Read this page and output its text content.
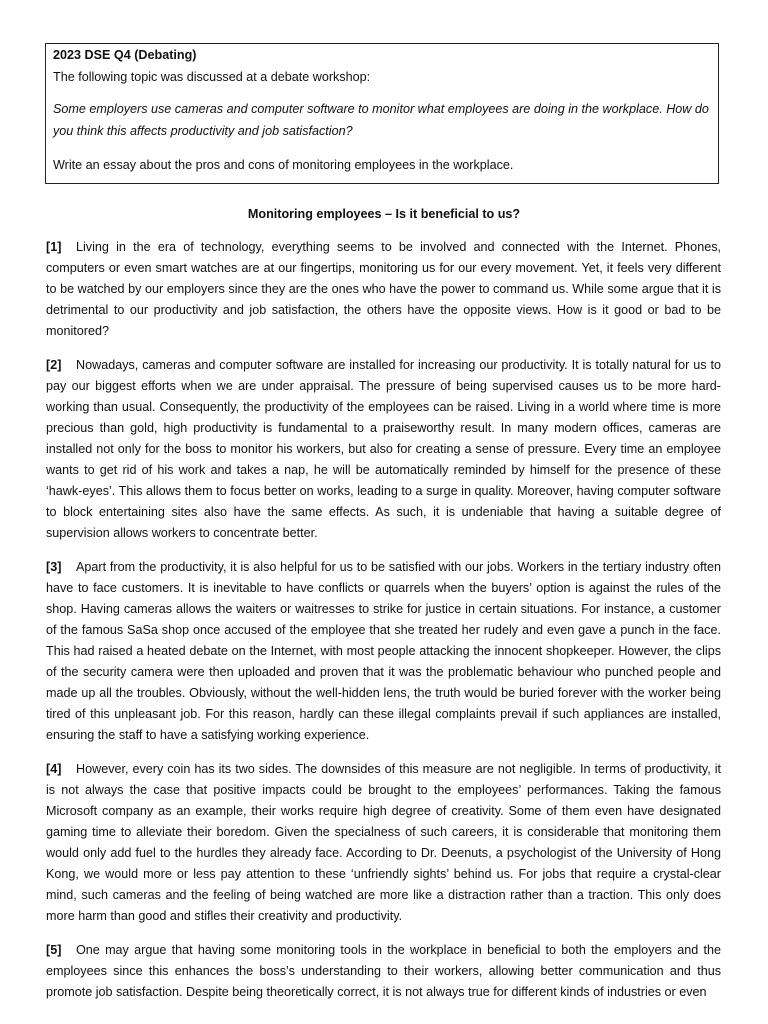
2023 DSE Q4 (Debating)

The following topic was discussed at a debate workshop:

Some employers use cameras and computer software to monitor what employees are doing in the workplace. How do you think this affects productivity and job satisfaction?

Write an essay about the pros and cons of monitoring employees in the workplace.

Monitoring employees – Is it beneficial to us?

[1] Living in the era of technology, everything seems to be involved and connected with the Internet. Phones, computers or even smart watches are at our fingertips, monitoring us for our every movement. Yet, it feels very different to be watched by our employers since they are the ones who have the power to command us. While some argue that it is detrimental to our productivity and job satisfaction, the others have the opposite views. How is it good or bad to be monitored?

[2] Nowadays, cameras and computer software are installed for increasing our productivity. It is totally natural for us to pay our biggest efforts when we are under appraisal. The pressure of being supervised causes us to be more hard-working than usual. Consequently, the productivity of the employees can be raised. Living in a world where time is more precious than gold, high productivity is fundamental to a praiseworthy result. In many modern offices, cameras are installed not only for the boss to monitor his workers, but also for creating a sense of pressure. Every time an employee wants to get rid of his work and takes a nap, he will be automatically reminded by himself for the presence of these ‘hawk-eyes’. This allows them to focus better on works, leading to a surge in quality. Moreover, having computer software to block entertaining sites also have the same effects. As such, it is undeniable that having a suitable degree of supervision allows workers to concentrate better.

[3] Apart from the productivity, it is also helpful for us to be satisfied with our jobs. Workers in the tertiary industry often have to face customers. It is inevitable to have conflicts or quarrels when the buyers’ option is against the rules of the shop. Having cameras allows the waiters or waitresses to strike for justice in certain situations. For instance, a customer of the famous SaSa shop once accused of the employee that she treated her rudely and even gave a punch in the face. This had raised a heated debate on the Internet, with most people attacking the innocent shopkeeper. However, the clips of the security camera were then uploaded and proven that it was the problematic behaviour who punched people and made up all the troubles. Obviously, without the well-hidden lens, the truth would be buried forever with the worker being tired of this unpleasant job. For this reason, hardly can these illegal complaints prevail if such appliances are installed, ensuring the staff to have a satisfying working experience.

[4] However, every coin has its two sides. The downsides of this measure are not negligible. In terms of productivity, it is not always the case that positive impacts could be brought to the employees’ performances. Taking the famous Microsoft company as an example, their works require high degree of creativity. Some of them even have designated gaming time to alleviate their boredom. Given the specialness of such careers, it is considerable that monitoring them would only add fuel to the hurdles they already face. According to Dr. Deenuts, a psychologist of the University of Hong Kong, we would more or less pay attention to these ‘unfriendly sights’ behind us. For jobs that require a crystal-clear mind, such cameras and the feeling of being watched are more like a distraction rather than a traction. This only does more harm than good and stifles their creativity and productivity.

[5] One may argue that having some monitoring tools in the workplace in beneficial to both the employers and the employees since this enhances the boss’s understanding to their workers, allowing better communication and thus promote job satisfaction. Despite being theoretically correct, it is not always true for different kinds of industries or even
